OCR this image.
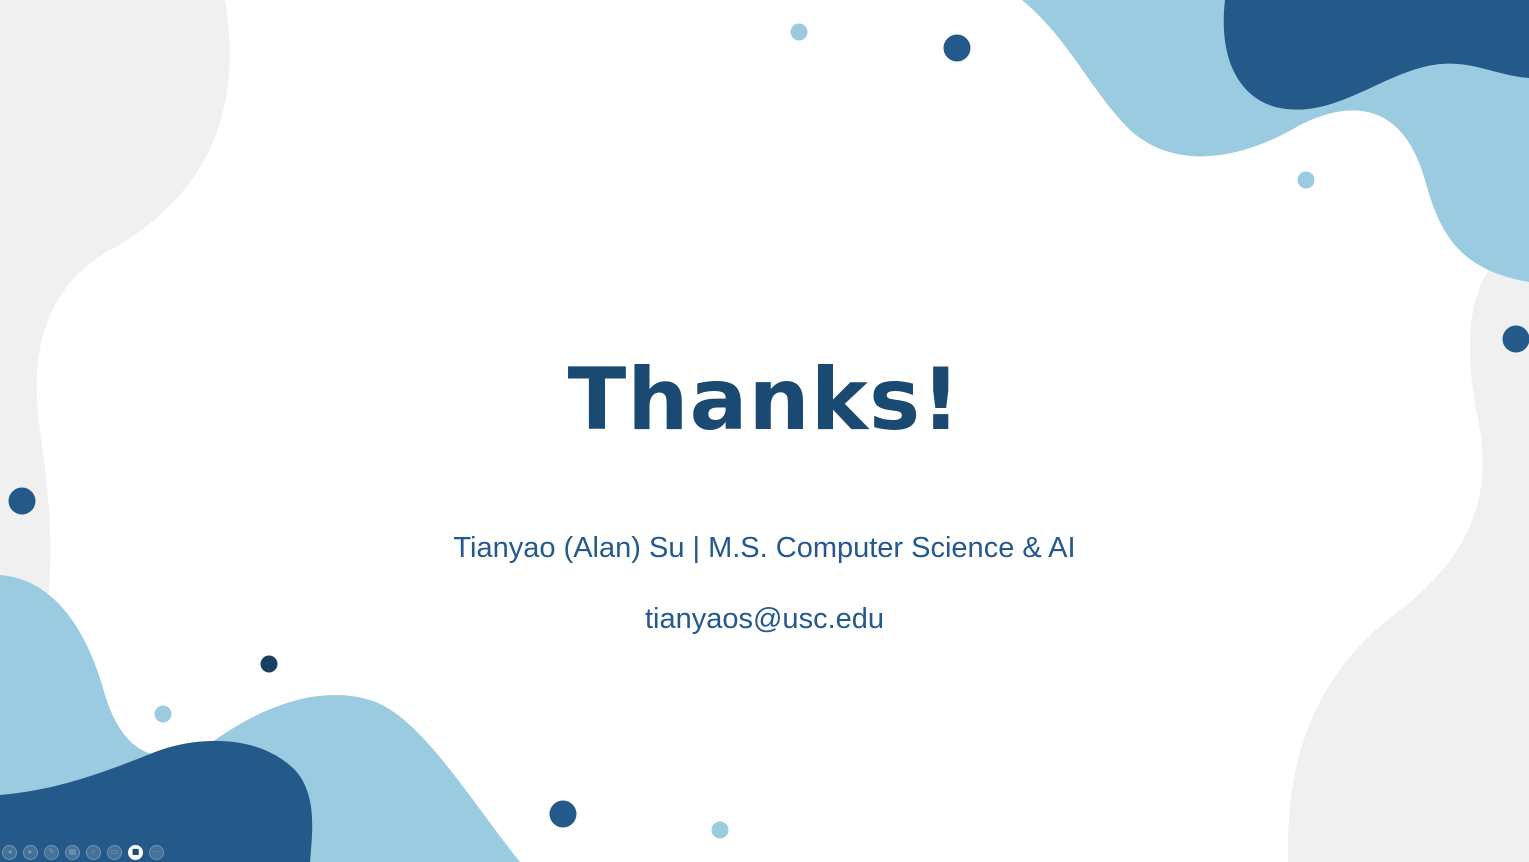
Thanks!

Tianyao (Alan) Su | M.S. Computer Science & AI

tianyaos@usc.edu

◂ ▸ ✎ ▦ ⌕ ▭ ■ ⋯
